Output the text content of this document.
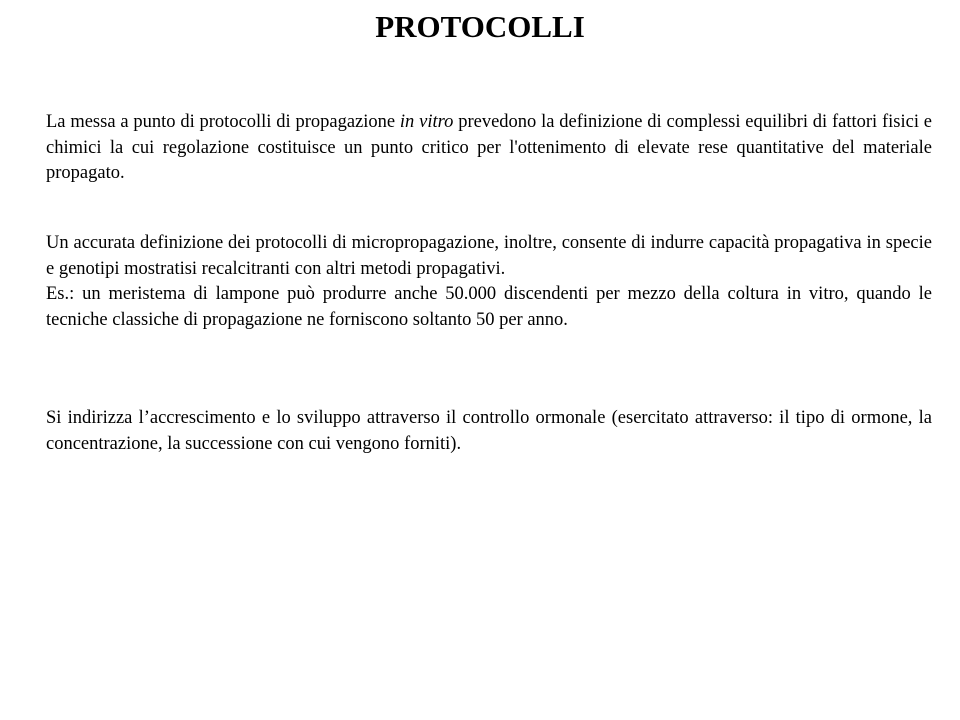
PROTOCOLLI

La messa a punto di protocolli di propagazione in vitro prevedono la definizione di complessi equilibri di fattori fisici e chimici la cui regolazione costituisce un punto critico per l'ottenimento di elevate rese quantitative del materiale propagato.

Un accurata definizione dei protocolli di micropropagazione, inoltre, consente di indurre capacità propagativa in specie e genotipi mostratisi recalcitranti con altri metodi propagativi.
Es.: un meristema di lampone può produrre anche 50.000 discendenti per mezzo della coltura in vitro, quando le tecniche classiche di propagazione ne forniscono soltanto 50 per anno.

Si indirizza l’accrescimento e lo sviluppo attraverso il controllo ormonale (esercitato attraverso: il tipo di ormone, la concentrazione, la successione con cui vengono forniti).
